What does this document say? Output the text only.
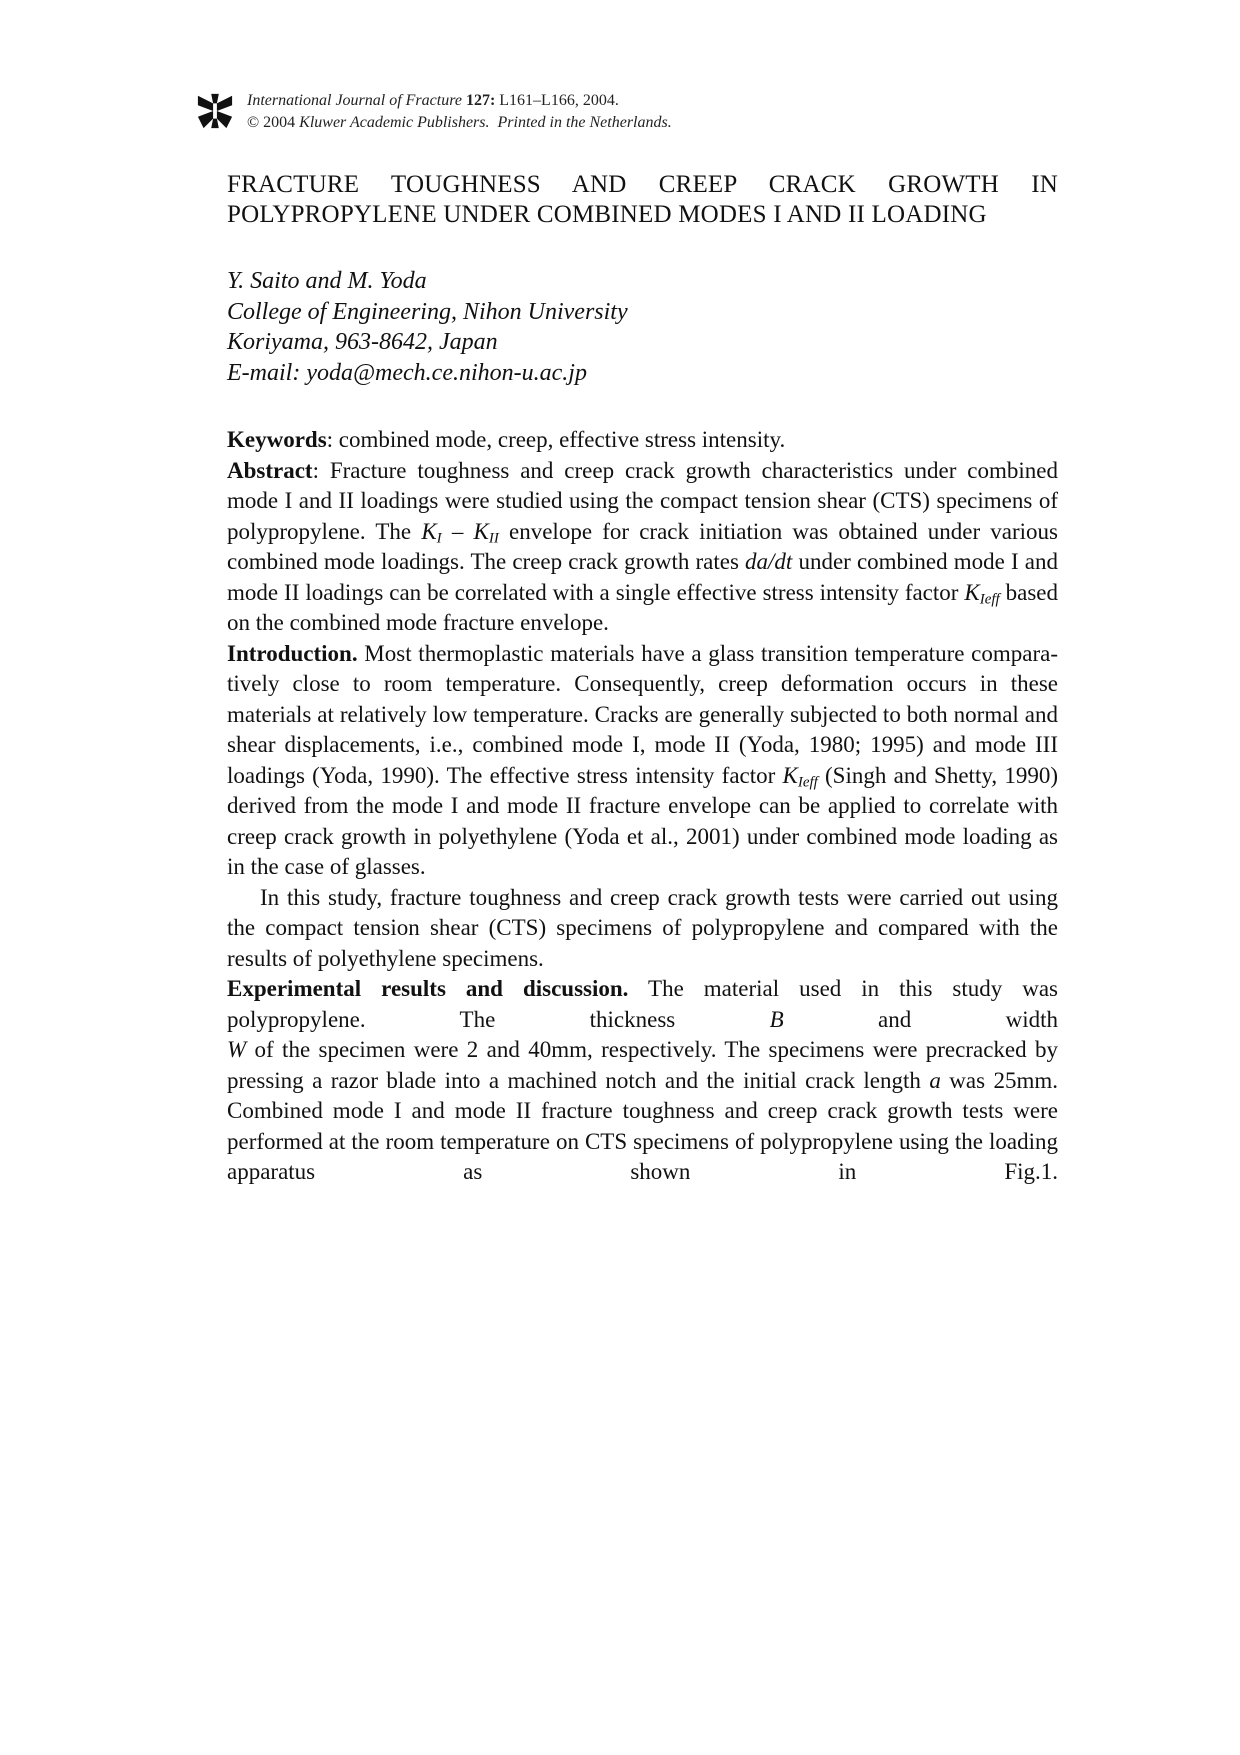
International Journal of Fracture 127: L161–L166, 2004.
© 2004 Kluwer Academic Publishers. Printed in the Netherlands.
FRACTURE TOUGHNESS AND CREEP CRACK GROWTH IN
POLYPROPYLENE UNDER COMBINED MODES I AND II LOADING
Y. Saito and M. Yoda
College of Engineering, Nihon University
Koriyama, 963-8642, Japan
E-mail: yoda@mech.ce.nihon-u.ac.jp
Keywords: combined mode, creep, effective stress intensity.

Abstract: Fracture toughness and creep crack growth characteristics under combined mode I and II loadings were studied using the compact tension shear (CTS) specimens of polypropylene. The $K_I - K_{II}$ envelope for crack initiation was obtained under various combined mode loadings. The creep crack growth rates da/dt under combined mode I and mode II loadings can be correlated with a single effective stress intensity factor $K_{Ieff}$ based on the combined mode fracture envelope.

Introduction. Most thermoplastic materials have a glass transition temperature compara- tively close to room temperature. Consequently, creep deformation occurs in these materials at relatively low temperature. Cracks are generally subjected to both normal and shear displacements, i.e., combined mode I, mode II (Yoda, 1980; 1995) and mode III loadings (Yoda, 1990). The effective stress intensity factor $K_{Ieff}$ (Singh and Shetty, 1990) derived from the mode I and mode II fracture envelope can be applied to correlate with creep crack growth in polyethylene (Yoda et al., 2001) under combined mode loading as in the case of glasses.

In this study, fracture toughness and creep crack growth tests were carried out using the compact tension shear (CTS) specimens of polypropylene and compared with the results of polyethylene specimens.

Experimental results and discussion. The material used in this study was polypropylene. The thickness B and width
W of the specimen were 2 and 40mm, respectively. The specimens were precracked by pressing a razor blade into a machined notch and the initial crack length a was 25mm. Combined mode I and mode II fracture toughness and creep crack growth tests were performed at the room temperature on CTS specimens of polypropylene using the loading apparatus as shown in Fig.1.
